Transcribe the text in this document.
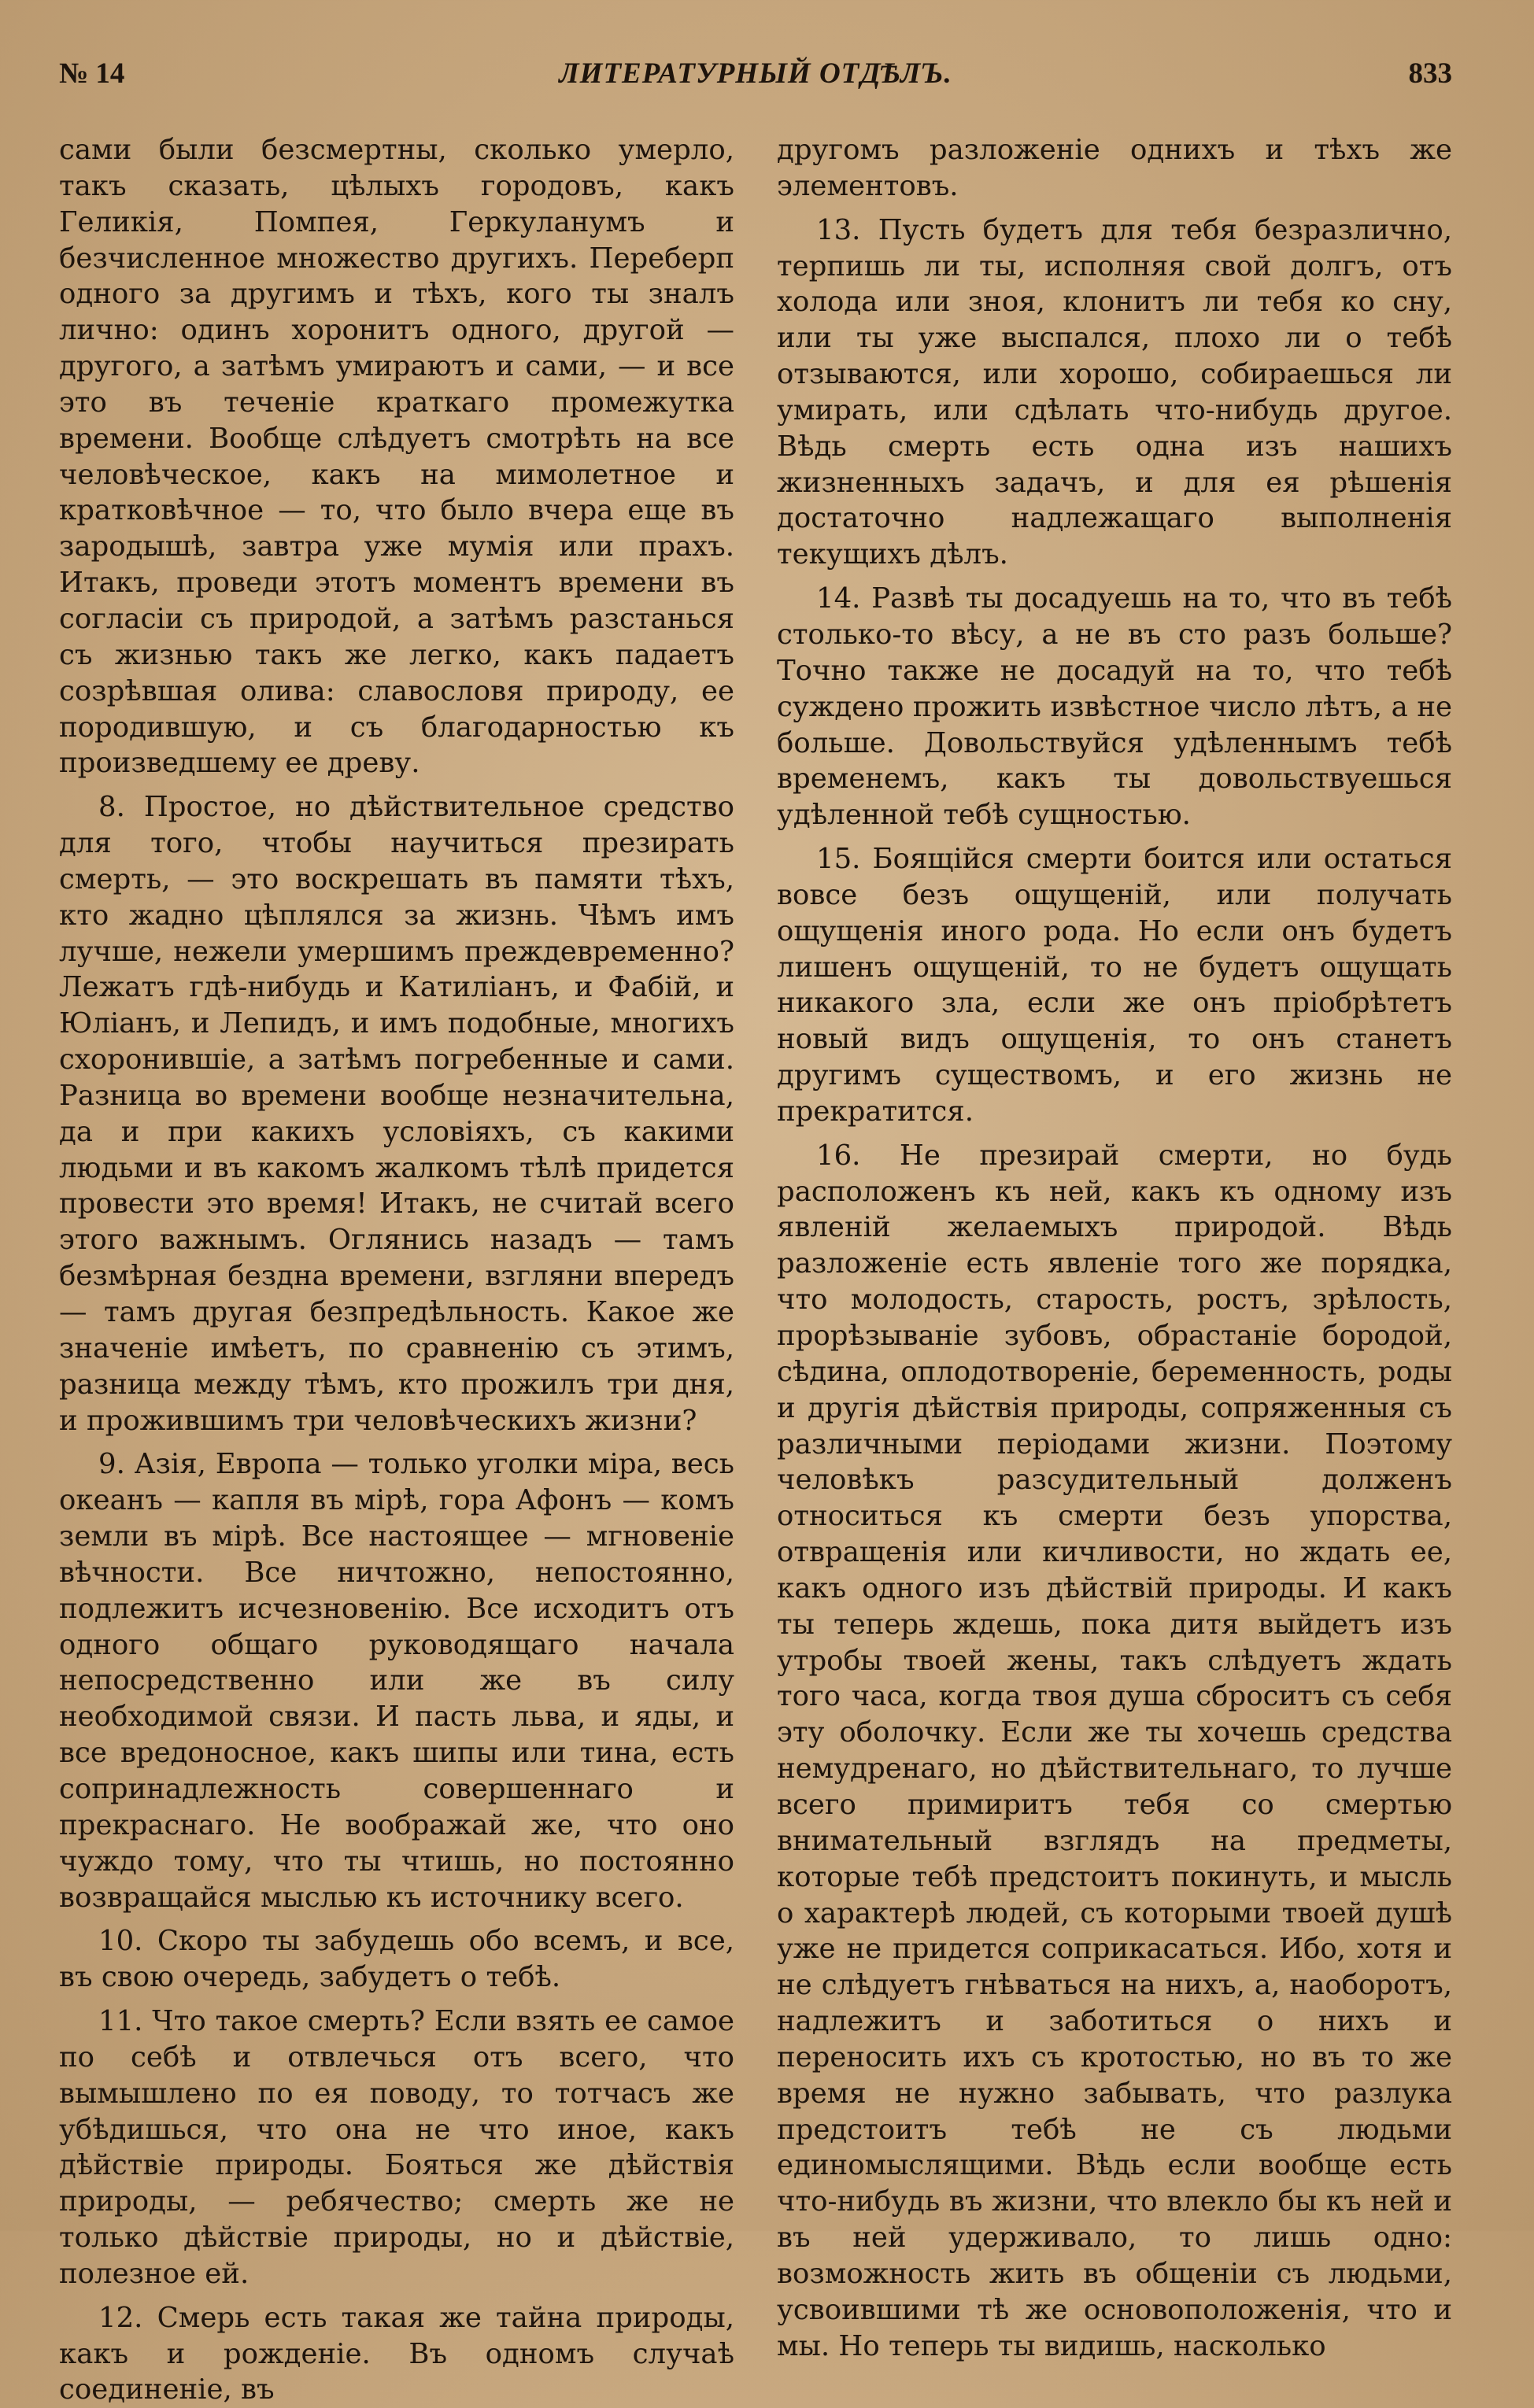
№ 14	ЛИТЕРАТУРНЫЙ ОТДѢЛЪ.	833

сами были безсмертны, сколько умерло, такъ сказать, цѣлыхъ городовъ, какъ Геликія, Помпея, Геркуланумъ и безчисленное множество другихъ. Переберп одного за другимъ и тѣхъ, кого ты зналъ лично: одинъ хоронитъ одного, другой — другого, а затѣмъ умираютъ и сами, — и все это въ теченіе краткаго промежутка времени. Вообще слѣдуетъ смотрѣть на все человѣческое, какъ на мимолетное и кратковѣчное — то, что было вчера еще въ зародышѣ, завтра уже мумія или прахъ. Итакъ, проведи этотъ моментъ времени въ согласіи съ природой, а затѣмъ разстанься съ жизнью такъ же легко, какъ падаетъ созрѣвшая олива: славословя природу, ее породившую, и съ благодарностью къ произведшему ее древу.

8. Простое, но дѣйствительное средство для того, чтобы научиться презирать смерть, — это воскрешать въ памяти тѣхъ, кто жадно цѣплялся за жизнь. Чѣмъ имъ лучше, нежели умершимъ преждевременно? Лежатъ гдѣ-нибудь и Катиліанъ, и Фабій, и Юліанъ, и Лепидъ, и имъ подобные, многихъ схоронившіе, а затѣмъ погребенные и сами. Разница во времени вообще незначительна, да и при какихъ условіяхъ, съ какими людьми и въ какомъ жалкомъ тѣлѣ придется провести это время! Итакъ, не считай всего этого важнымъ. Оглянись назадъ — тамъ безмѣрная бездна времени, взгляни впередъ — тамъ другая безпредѣльность. Какое же значеніе имѣетъ, по сравненію съ этимъ, разница между тѣмъ, кто прожилъ три дня, и прожившимъ три человѣческихъ жизни?

9. Азія, Европа — только уголки міра, весь океанъ — капля въ мірѣ, гора Афонъ — комъ земли въ мірѣ. Все настоящее — мгновеніе вѣчности. Все ничтожно, непостоянно, подлежитъ исчезновенію. Все исходитъ отъ одного общаго руководящаго начала непосредственно или же въ силу необходимой связи. И пасть льва, и яды, и все вредоносное, какъ шипы или тина, есть сопринадлежность совершеннаго и прекраснаго. Не воображай же, что оно чуждо тому, что ты чтишь, но постоянно возвращайся мыслью къ источнику всего.

10. Скоро ты забудешь обо всемъ, и все, въ свою очередь, забудетъ о тебѣ.

11. Что такое смерть? Если взять ее самое по себѣ и отвлечься отъ всего, что вымышлено по ея поводу, то тотчасъ же убѣдишься, что она не что иное, какъ дѣйствіе природы. Бояться же дѣйствія природы, — ребячество; смерть же не только дѣйствіе природы, но и дѣйствіе, полезное ей.

12. Смерь есть такая же тайна природы, какъ и рожденіе. Въ одномъ случаѣ соединеніе, въ

другомъ разложеніе однихъ и тѣхъ же элементовъ.

13. Пусть будетъ для тебя безразлично, терпишь ли ты, исполняя свой долгъ, отъ холода или зноя, клонитъ ли тебя ко сну, или ты уже выспался, плохо ли о тебѣ отзываются, или хорошо, собираешься ли умирать, или сдѣлать что-нибудь другое. Вѣдь смерть есть одна изъ нашихъ жизненныхъ задачъ, и для ея рѣшенія достаточно надлежащаго выполненія текущихъ дѣлъ.

14. Развѣ ты досадуешь на то, что въ тебѣ столько-то вѣсу, а не въ сто разъ больше? Точно также не досадуй на то, что тебѣ суждено прожить извѣстное число лѣтъ, а не больше. Довольствуйся удѣленнымъ тебѣ временемъ, какъ ты довольствуешься удѣленной тебѣ сущностью.

15. Боящійся смерти боится или остаться вовсе безъ ощущеній, или получать ощущенія иного рода. Но если онъ будетъ лишенъ ощущеній, то не будетъ ощущать никакого зла, если же онъ пріобрѣтетъ новый видъ ощущенія, то онъ станетъ другимъ существомъ, и его жизнь не прекратится.

16. Не презирай смерти, но будь расположенъ къ ней, какъ къ одному изъ явленій желаемыхъ природой. Вѣдь разложеніе есть явленіе того же порядка, что молодость, старость, ростъ, зрѣлость, прорѣзываніе зубовъ, обрастаніе бородой, сѣдина, оплодотвореніе, беременность, роды и другія дѣйствія природы, сопряженныя съ различными періодами жизни. Поэтому человѣкъ разсудительный долженъ относиться къ смерти безъ упорства, отвращенія или кичливости, но ждать ее, какъ одного изъ дѣйствій природы. И какъ ты теперь ждешь, пока дитя выйдетъ изъ утробы твоей жены, такъ слѣдуетъ ждать того часа, когда твоя душа сброситъ съ себя эту оболочку. Если же ты хочешь средства немудренаго, но дѣйствительнаго, то лучше всего примиритъ тебя со смертью внимательный взглядъ на предметы, которые тебѣ предстоитъ покинуть, и мысль о характерѣ людей, съ которыми твоей душѣ уже не придется соприкасаться. Ибо, хотя и не слѣдуетъ гнѣваться на нихъ, а, наоборотъ, надлежитъ и заботиться о нихъ и переносить ихъ съ кротостью, но въ то же время не нужно забывать, что разлука предстоитъ тебѣ не съ людьми единомыслящими. Вѣдь если вообще есть что-нибудь въ жизни, что влекло бы къ ней и въ ней удерживало, то лишь одно: возможность жить въ общеніи съ людьми, усвоившими тѣ же основоположенія, что и мы. Но теперь ты видишь, насколько
